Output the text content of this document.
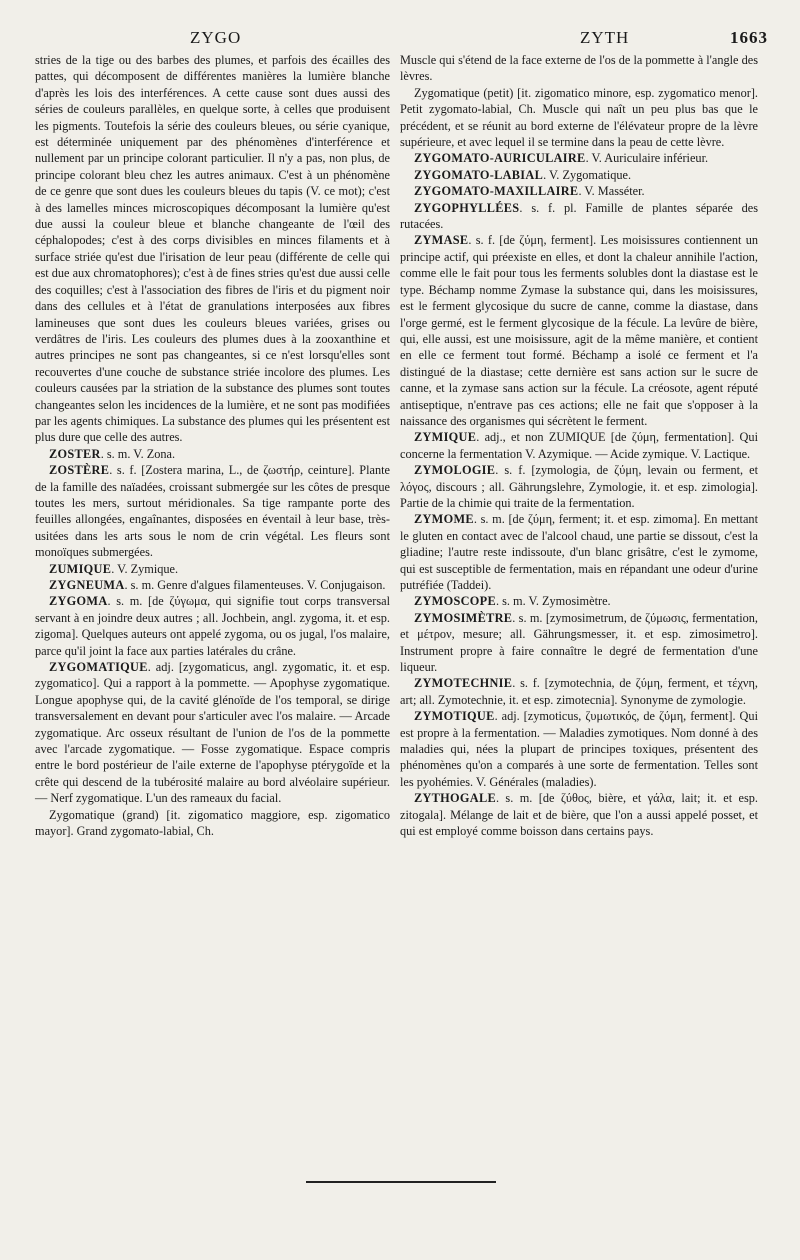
ZYGO	ZYTH	1663

stries de la tige ou des barbes des plumes, et parfois des écailles des pattes, qui décomposent de différentes manières la lumière blanche d'après les lois des interférences. A cette cause sont dues aussi des séries de couleurs parallèles, en quelque sorte, à celles que produisent les pigments. Toutefois la série des couleurs bleues, ou série cyanique, est déterminée uniquement par des phénomènes d'interférence et nullement par un principe colorant particulier. Il n'y a pas, non plus, de principe colorant bleu chez les autres animaux. C'est à un phénomène de ce genre que sont dues les couleurs bleues du tapis (V. ce mot); c'est à des lamelles minces microscopiques décomposant la lumière qu'est due aussi la couleur bleue et blanche changeante de l'œil des céphalopodes; c'est à des corps divisibles en minces filaments et à surface striée qu'est due l'irisation de leur peau (différente de celle qui est due aux chromatophores); c'est à de fines stries qu'est due aussi celle des coquilles; c'est à l'association des fibres de l'iris et du pigment noir dans des cellules et à l'état de granulations interposées aux fibres lamineuses que sont dues les couleurs bleues variées, grises ou verdâtres de l'iris. Les couleurs des plumes dues à la zooxanthine et autres principes ne sont pas changeantes, si ce n'est lorsqu'elles sont recouvertes d'une couche de substance striée incolore des plumes. Les couleurs causées par la striation de la substance des plumes sont toutes changeantes selon les incidences de la lumière, et ne sont pas modifiées par les agents chimiques. La substance des plumes qui les présentent est plus dure que celle des autres.

ZOSTER. s. m. V. Zona.

ZOSTÈRE. s. f. [Zostera marina, L., de ζωστήρ, ceinture]. Plante de la famille des naïadées, croissant submergée sur les côtes de presque toutes les mers, surtout méridionales. Sa tige rampante porte des feuilles allongées, engaînantes, disposées en éventail à leur base, très-usitées dans les arts sous le nom de crin végétal. Les fleurs sont monoïques submergées.

ZUMIQUE. V. Zymique.

ZYGNEUMA. s. m. Genre d'algues filamenteuses. V. Conjugaison.

ZYGOMA. s. m. [de ζύγωμα, qui signifie tout corps transversal servant à en joindre deux autres ; all. Jochbein, angl. zygoma, it. et esp. zigoma]. Quelques auteurs ont appelé zygoma, ou os jugal, l'os malaire, parce qu'il joint la face aux parties latérales du crâne.

ZYGOMATIQUE. adj. [zygomaticus, angl. zygomatic, it. et esp. zygomatico]. Qui a rapport à la pommette. — Apophyse zygomatique. Longue apophyse qui, de la cavité glénoïde de l'os temporal, se dirige transversalement en devant pour s'articuler avec l'os malaire. — Arcade zygomatique. Arc osseux résultant de l'union de l'os de la pommette avec l'arcade zygomatique. — Fosse zygomatique. Espace compris entre le bord postérieur de l'aile externe de l'apophyse ptérygoïde et la crête qui descend de la tubérosité malaire au bord alvéolaire supérieur. — Nerf zygomatique. L'un des rameaux du facial.

Zygomatique (grand) [it. zigomatico maggiore, esp. zigomatico mayor]. Grand zygomato-labial, Ch.

Muscle qui s'étend de la face externe de l'os de la pommette à l'angle des lèvres.

Zygomatique (petit) [it. zigomatico minore, esp. zygomatico menor]. Petit zygomato-labial, Ch. Muscle qui naît un peu plus bas que le précédent, et se réunit au bord externe de l'élévateur propre de la lèvre supérieure, et avec lequel il se termine dans la peau de cette lèvre.

ZYGOMATO-AURICULAIRE. V. Auriculaire inférieur.

ZYGOMATO-LABIAL. V. Zygomatique.

ZYGOMATO-MAXILLAIRE. V. Masséter.

ZYGOPHYLLÉES. s. f. pl. Famille de plantes séparée des rutacées.

ZYMASE. s. f. [de ζύμη, ferment]. Les moisissures contiennent un principe actif, qui préexiste en elles, et dont la chaleur annihile l'action, comme elle le fait pour tous les ferments solubles dont la diastase est le type. Béchamp nomme Zymase la substance qui, dans les moisissures, est le ferment glycosique du sucre de canne, comme la diastase, dans l'orge germé, est le ferment glycosique de la fécule. La levûre de bière, qui, elle aussi, est une moisissure, agit de la même manière, et contient en elle ce ferment tout formé. Béchamp a isolé ce ferment et l'a distingué de la diastase; cette dernière est sans action sur le sucre de canne, et la zymase sans action sur la fécule. La créosote, agent réputé antiseptique, n'entrave pas ces actions; elle ne fait que s'opposer à la naissance des organismes qui sécrètent le ferment.

ZYMIQUE. adj., et non ZUMIQUE [de ζύμη, fermentation]. Qui concerne la fermentation V. Azymique. — Acide zymique. V. Lactique.

ZYMOLOGIE. s. f. [zymologia, de ζύμη, levain ou ferment, et λόγος, discours ; all. Gährungslehre, Zymologie, it. et esp. zimologia]. Partie de la chimie qui traite de la fermentation.

ZYMOME. s. m. [de ζύμη, ferment; it. et esp. zimoma]. En mettant le gluten en contact avec de l'alcool chaud, une partie se dissout, c'est la gliadine; l'autre reste indissoute, d'un blanc grisâtre, c'est le zymome, qui est susceptible de fermentation, mais en répandant une odeur d'urine putréfiée (Taddei).

ZYMOSCOPE. s. m. V. Zymosimètre.

ZYMOSIMÈTRE. s. m. [zymosimetrum, de ζύμωσις, fermentation, et μέτρον, mesure; all. Gährungsmesser, it. et esp. zimosimetro]. Instrument propre à faire connaître le degré de fermentation d'une liqueur.

ZYMOTECHNIE. s. f. [zymotechnia, de ζύμη, ferment, et τέχνη, art; all. Zymotechnie, it. et esp. zimotecnia]. Synonyme de zymologie.

ZYMOTIQUE. adj. [zymoticus, ζυμωτικός, de ζύμη, ferment]. Qui est propre à la fermentation. — Maladies zymotiques. Nom donné à des maladies qui, nées la plupart de principes toxiques, présentent des phénomènes qu'on a comparés à une sorte de fermentation. Telles sont les pyohémies. V. Générales (maladies).

ZYTHOGALE. s. m. [de ζύθος, bière, et γάλα, lait; it. et esp. zitogala]. Mélange de lait et de bière, que l'on a aussi appelé posset, et qui est employé comme boisson dans certains pays.
